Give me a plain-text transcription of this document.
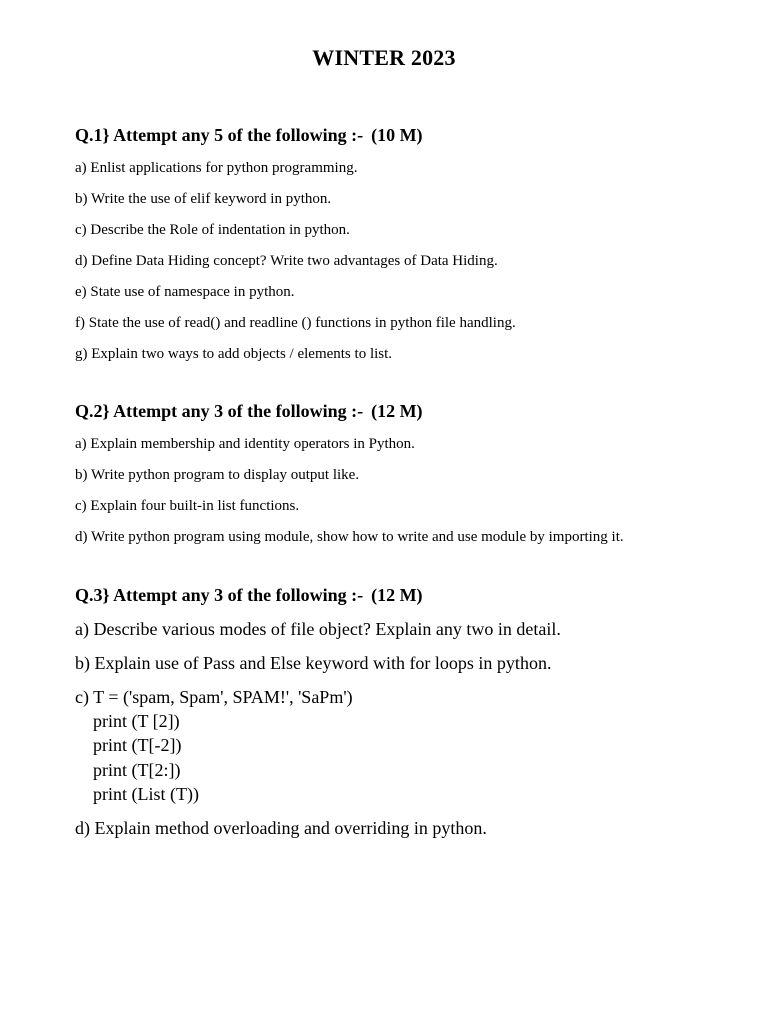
WINTER 2023
Q.1} Attempt any 5 of the following :- (10 M)
a) Enlist applications for python programming.
b) Write the use of elif keyword in python.
c) Describe the Role of indentation in python.
d) Define Data Hiding concept? Write two advantages of Data Hiding.
e) State use of namespace in python.
f) State the use of read() and readline () functions in python file handling.
g) Explain two ways to add objects / elements to list.
Q.2} Attempt any 3 of the following :- (12 M)
a) Explain membership and identity operators in Python.
b) Write python program to display output like.
c) Explain four built-in list functions.
d) Write python program using module, show how to write and use module by importing it.
Q.3} Attempt any 3 of the following :- (12 M)
a) Describe various modes of file object? Explain any two in detail.
b) Explain use of Pass and Else keyword with for loops in python.
c) T = ('spam, Spam', SPAM!', 'SaPm')
print (T [2])
print (T[-2])
print (T[2:])
print (List (T))
d) Explain method overloading and overriding in python.
